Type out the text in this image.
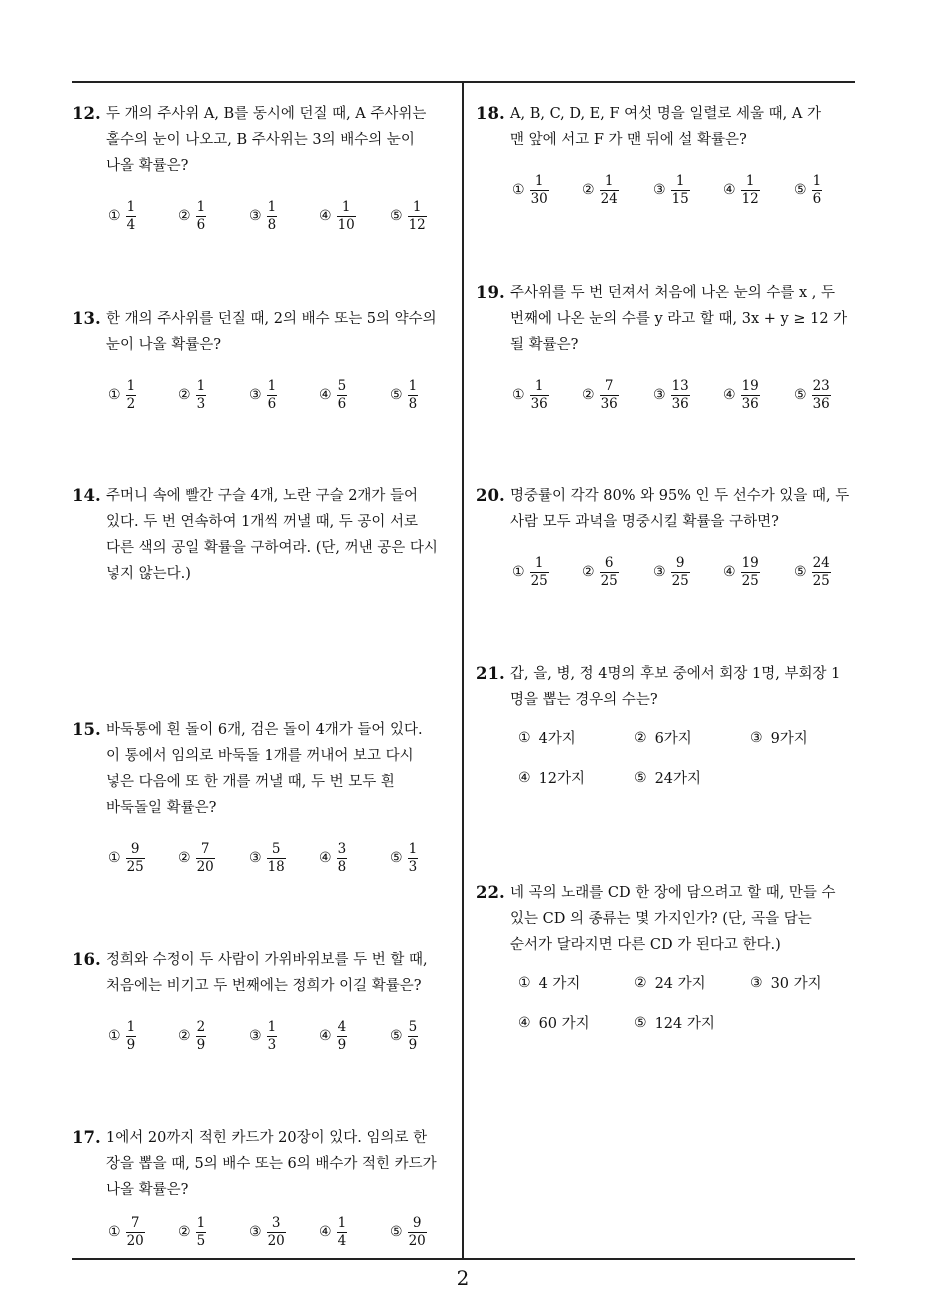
12. 두 개의 주사위 A, B를 동시에 던질 때, A 주사위는
홀수의 눈이 나오고, B 주사위는 3의 배수의 눈이
나올 확률은?
① $\frac{1}{4}$	② $\frac{1}{6}$	③ $\frac{1}{8}$	④ $\frac{1}{10}$ ⑤ $\frac{1}{12}$
13. 한 개의 주사위를 던질 때, 2의 배수 또는 5의 약수의
눈이 나올 확률은?
① $\frac{1}{2}$	② $\frac{1}{3}$	③ $\frac{1}{6}$	④ $\frac{5}{6}$	⑤ $\frac{1}{8}$
14. 주머니 속에 빨간 구슬 4개, 노란 구슬 2개가 들어
있다. 두 번 연속하여 1개씩 꺼낼 때, 두 공이 서로
다른 색의 공일 확률을 구하여라. (단, 꺼낸 공은 다시
넣지 않는다.)
15. 바둑통에 흰 돌이 6개, 검은 돌이 4개가 들어 있다.
이 통에서 임의로 바둑돌 1개를 꺼내어 보고 다시
넣은 다음에 또 한 개를 꺼낼 때, 두 번 모두 흰
바둑돌일 확률은?
① $\frac{9}{25}$ ② $\frac{7}{20}$ ③ $\frac{5}{18}$ ④ $\frac{3}{8}$	⑤ $\frac{1}{3}$
16. 정희와 수정이 두 사람이 가위바위보를 두 번 할 때,
처음에는 비기고 두 번째에는 정희가 이길 확률은?
① $\frac{1}{9}$	② $\frac{2}{9}$	③ $\frac{1}{3}$	④ $\frac{4}{9}$	⑤ $\frac{5}{9}$
17. 1에서 20까지 적힌 카드가 20장이 있다. 임의로 한
장을 뽑을 때, 5의 배수 또는 6의 배수가 적힌 카드가
나올 확률은?
① $\frac{7}{20}$ ② $\frac{1}{5}$	③ $\frac{3}{20}$ ④ $\frac{1}{4}$	⑤ $\frac{9}{20}$
18. A, B, C, D, E, F 여섯 명을 일렬로 세울 때, A 가
맨 앞에 서고 F 가 맨 뒤에 설 확률은?
① $\frac{1}{30}$ ② $\frac{1}{24}$ ③ $\frac{1}{15}$ ④ $\frac{1}{12}$ ⑤ $\frac{1}{6}$
19. 주사위를 두 번 던져서 처음에 나온 눈의 수를 x , 두
번째에 나온 눈의 수를 y 라고 할 때, 3x + y ≥ 12 가
될 확률은?
① $\frac{1}{36}$ ② $\frac{7}{36}$ ③ $\frac{13}{36}$ ④ $\frac{19}{36}$ ⑤ $\frac{23}{36}$
20. 명중률이 각각 80% 와 95% 인 두 선수가 있을 때, 두
사람 모두 과녁을 명중시킬 확률을 구하면?
① $\frac{1}{25}$ ② $\frac{6}{25}$ ③ $\frac{9}{25}$ ④ $\frac{19}{25}$ ⑤ $\frac{24}{25}$
21. 갑, 을, 병, 정 4명의 후보 중에서 회장 1명, 부회장 1
명을 뽑는 경우의 수는?
① 4가지	② 6가지	③ 9가지
④ 12가지	⑤ 24가지
22. 네 곡의 노래를 CD 한 장에 담으려고 할 때, 만들 수
있는 CD 의 종류는 몇 가지인가? (단, 곡을 담는
순서가 달라지면 다른 CD 가 된다고 한다.)
① 4 가지	② 24 가지	③ 30 가지
④ 60 가지	⑤ 124 가지
2
